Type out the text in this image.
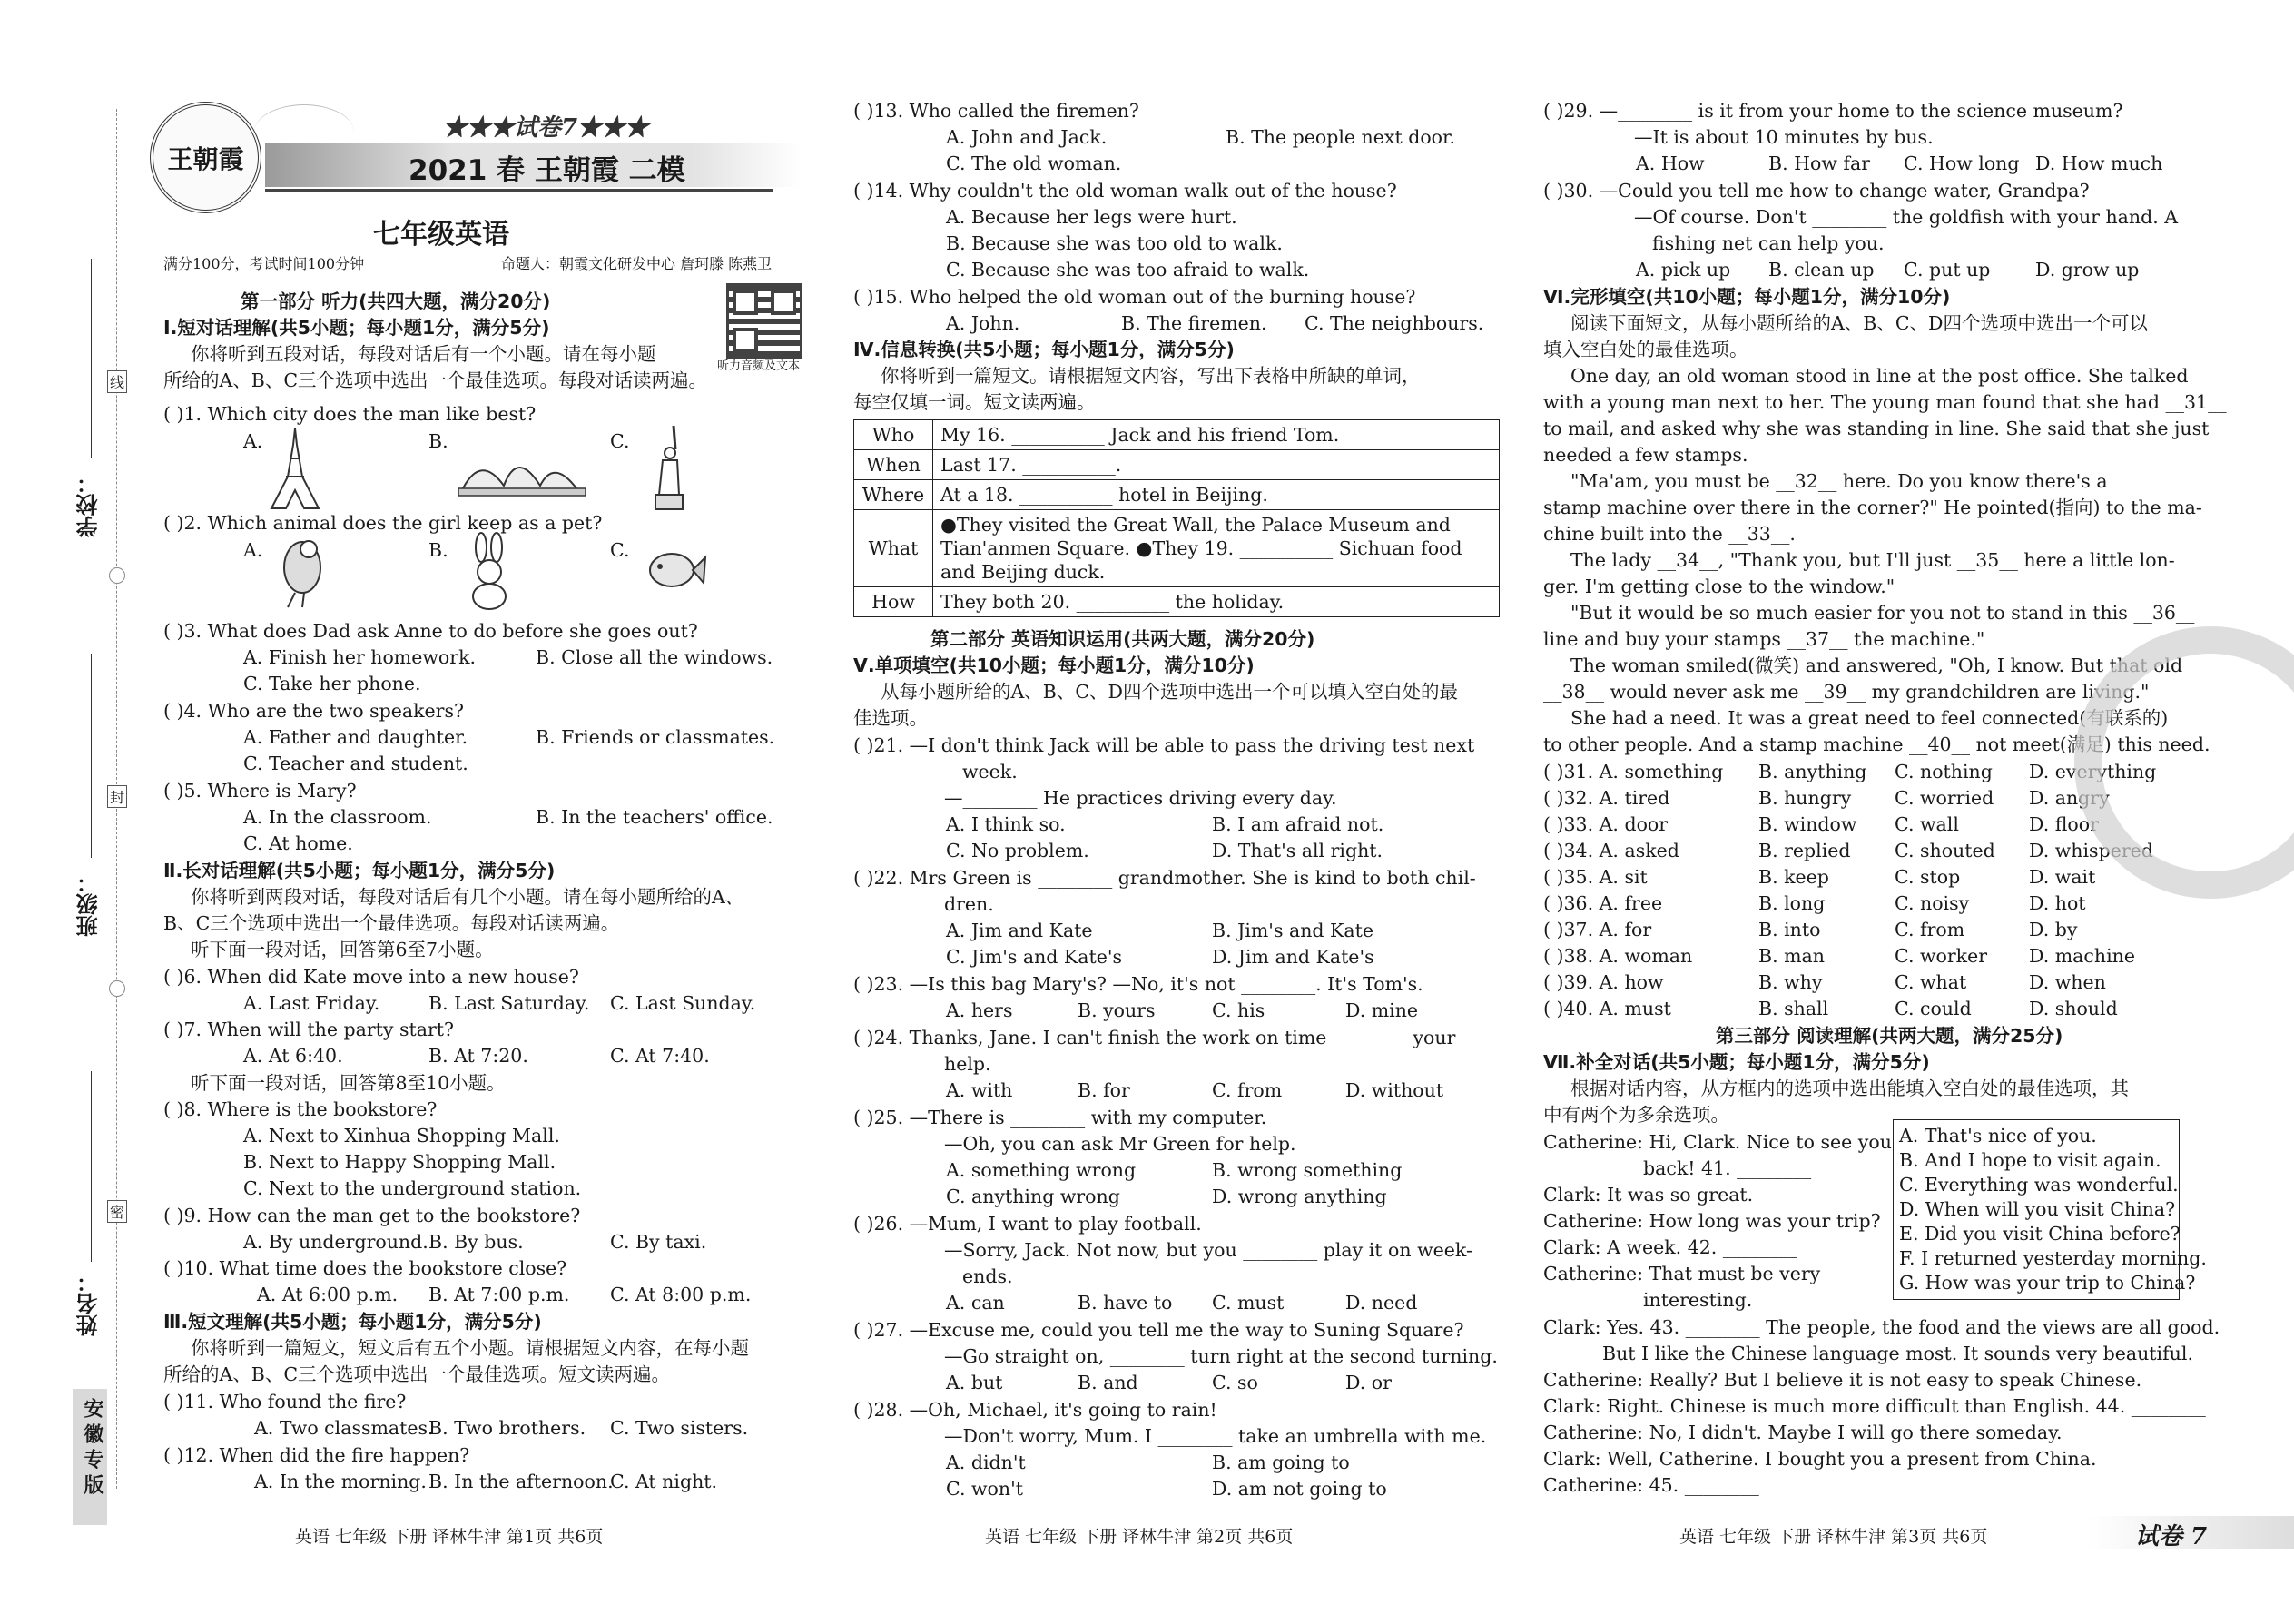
线
封
密
学校：
班级：
姓名：
安徽专版
王朝霞
★★★试卷7★★★
2021 春 王朝霞 二模
七年级英语
满分100分，考试时间100分钟	命题人：朝霞文化研发中心 詹珂滕 陈燕卫
听力音频及文本
第一部分 听力(共四大题，满分20分)
Ⅰ.短对话理解(共5小题；每小题1分，满分5分)
你将听到五段对话，每段对话后有一个小题。请在每小题
所给的A、B、C三个选项中选出一个最佳选项。每段对话读两遍。
( )1. Which city does the man like best?
A.	B.	C.
( )2. Which animal does the girl keep as a pet?
A.	B.	C.
( )3. What does Dad ask Anne to do before she goes out?
A. Finish her homework.	B. Close all the windows.
C. Take her phone.
( )4. Who are the two speakers?
A. Father and daughter.	B. Friends or classmates.
C. Teacher and student.
( )5. Where is Mary?
A. In the classroom.	B. In the teachers' office.
C. At home.
Ⅱ.长对话理解(共5小题；每小题1分，满分5分)
你将听到两段对话，每段对话后有几个小题。请在每小题所给的A、
B、C三个选项中选出一个最佳选项。每段对话读两遍。
听下面一段对话，回答第6至7小题。
( )6. When did Kate move into a new house?
A. Last Friday.	B. Last Saturday. C. Last Sunday.
( )7. When will the party start?
A. At 6:40.	B. At 7:20.	C. At 7:40.
听下面一段对话，回答第8至10小题。
( )8. Where is the bookstore?
A. Next to Xinhua Shopping Mall.
B. Next to Happy Shopping Mall.
C. Next to the underground station.
( )9. How can the man get to the bookstore?
A. By underground. B. By bus.	C. By taxi.
( )10. What time does the bookstore close?
A. At 6:00 p.m. B. At 7:00 p.m. C. At 8:00 p.m.
Ⅲ.短文理解(共5小题；每小题1分，满分5分)
你将听到一篇短文，短文后有五个小题。请根据短文内容，在每小题
所给的A、B、C三个选项中选出一个最佳选项。短文读两遍。
( )11. Who found the fire?
A. Two classmates.
B. Two brothers. C. Two sisters.
( )12. When did the fire happen?
A. In the morning. B. In the afternoon.
C. At night.
( )13. Who called the firemen?
A. John and Jack.	B. The people next door.
C. The old woman.
( )14. Why couldn't the old woman walk out of the house?
A. Because her legs were hurt.
B. Because she was too old to walk.
C. Because she was too afraid to walk.
( )15. Who helped the old woman out of the burning house?
A. John.	B. The firemen. C. The neighbours.
Ⅳ.信息转换(共5小题；每小题1分，满分5分)
你将听到一篇短文。请根据短文内容，写出下表格中所缺的单词，
每空仅填一词。短文读两遍。
第二部分 英语知识运用(共两大题，满分20分)
Ⅴ.单项填空(共10小题；每小题1分，满分10分)
从每小题所给的A、B、C、D四个选项中选出一个可以填入空白处的最
佳选项。
( )21. —I don't think Jack will be able to pass the driving test next
week.
—________ He practices driving every day.
A. I think so.	B. I am afraid not.
C. No problem.	D. That's all right.
( )22. Mrs Green is ________ grandmother. She is kind to both chil-
dren.
A. Jim and Kate	B. Jim's and Kate
C. Jim's and Kate's	D. Jim and Kate's
( )23. —Is this bag Mary's? —No, it's not ________. It's Tom's.
A. hers	B. yours	C. his	D. mine
( )24. Thanks, Jane. I can't finish the work on time ________ your
help.
A. with	B. for	C. from	D. without
( )25. —There is ________ with my computer.
—Oh, you can ask Mr Green for help.
A. something wrong	B. wrong something
C. anything wrong	D. wrong anything
( )26. —Mum, I want to play football.
—Sorry, Jack. Not now, but you ________ play it on week-
ends.
A. can	B. have to C. must	D. need
( )27. —Excuse me, could you tell me the way to Suning Square?
—Go straight on, ________ turn right at the second turning.
A. but	B. and	C. so	D. or
( )28. —Oh, Michael, it's going to rain!
—Don't worry, Mum. I ________ take an umbrella with me.
A. didn't	B. am going to
C. won't	D. am not going to
( )29. —________ is it from your home to the science museum?
—It is about 10 minutes by bus.
A. How	B. How far C. How long D. How much
( )30. —Could you tell me how to change water, Grandpa?
—Of course. Don't ________ the goldfish with your hand. A
fishing net can help you.
A. pick up B. clean up C. put up D. grow up
Ⅵ.完形填空(共10小题；每小题1分，满分10分)
阅读下面短文，从每小题所给的A、B、C、D四个选项中选出一个可以
填入空白处的最佳选项。
One day, an old woman stood in line at the post office. She talked
with a young man next to her. The young man found that she had __31__
to mail, and asked why she was standing in line. She said that she just
needed a few stamps.
"Ma'am, you must be __32__ here. Do you know there's a
stamp machine over there in the corner?" He pointed(指向) to the ma-
chine built into the __33__.
The lady __34__, "Thank you, but I'll just __35__ here a little lon-
ger. I'm getting close to the window."
"But it would be so much easier for you not to stand in this __36__
line and buy your stamps __37__ the machine."
The woman smiled(微笑) and answered, "Oh, I know. But that old
__38__ would never ask me __39__ my grandchildren are living."
She had a need. It was a great need to feel connected(有联系的)
to other people. And a stamp machine __40__ not meet(满足) this need.
( )31. A. something B. anything C. nothing D. everything
( )32. A. tired	B. hungry C. worried D. angry
( )33. A. door	B. window C. wall	D. floor
( )34. A. asked	B. replied C. shouted D. whispered
( )35. A. sit	B. keep	C. stop	D. wait
( )36. A. free	B. long	C. noisy	D. hot
( )37. A. for	B. into	C. from	D. by
( )38. A. woman	B. man	C. worker D. machine
( )39. A. how	B. why	C. what	D. when
( )40. A. must	B. shall	C. could	D. should
第三部分 阅读理解(共两大题，满分25分)
Ⅶ.补全对话(共5小题；每小题1分，满分5分)
根据对话内容，从方框内的选项中选出能填入空白处的最佳选项，其
中有两个为多余选项。
Catherine: Hi, Clark. Nice to see you
back! 41. ________
Clark: It was so great.
Catherine: How long was your trip?
Clark: A week. 42. ________
Catherine: That must be very
interesting.
Clark: Yes. 43. ________ The people, the food and the views are all good.
But I like the Chinese language most. It sounds very beautiful.
Catherine: Really? But I believe it is not easy to speak Chinese.
Clark: Right. Chinese is much more difficult than English. 44. ________
Catherine: No, I didn't. Maybe I will go there someday.
Clark: Well, Catherine. I bought you a present from China.
Catherine: 45. ________
Who	My 16. __________ Jack and his friend Tom.
When	Last 17. __________.
Where	At a 18. __________ hotel in Beijing.
What	●They visited the Great Wall, the Palace Museum and Tian'anmen Square. ●They 19. __________ Sichuan food and Beijing duck.
How	They both 20. __________ the holiday.
A. That's nice of you.
B. And I hope to visit again.
C. Everything was wonderful.
D. When will you visit China?
E. Did you visit China before?
F. I returned yesterday morning.
G. How was your trip to China?
英语 七年级 下册 译林牛津 第1页 共6页	英语 七年级 下册 译林牛津 第2页 共6页	英语 七年级 下册 译林牛津 第3页 共6页	试卷 7
